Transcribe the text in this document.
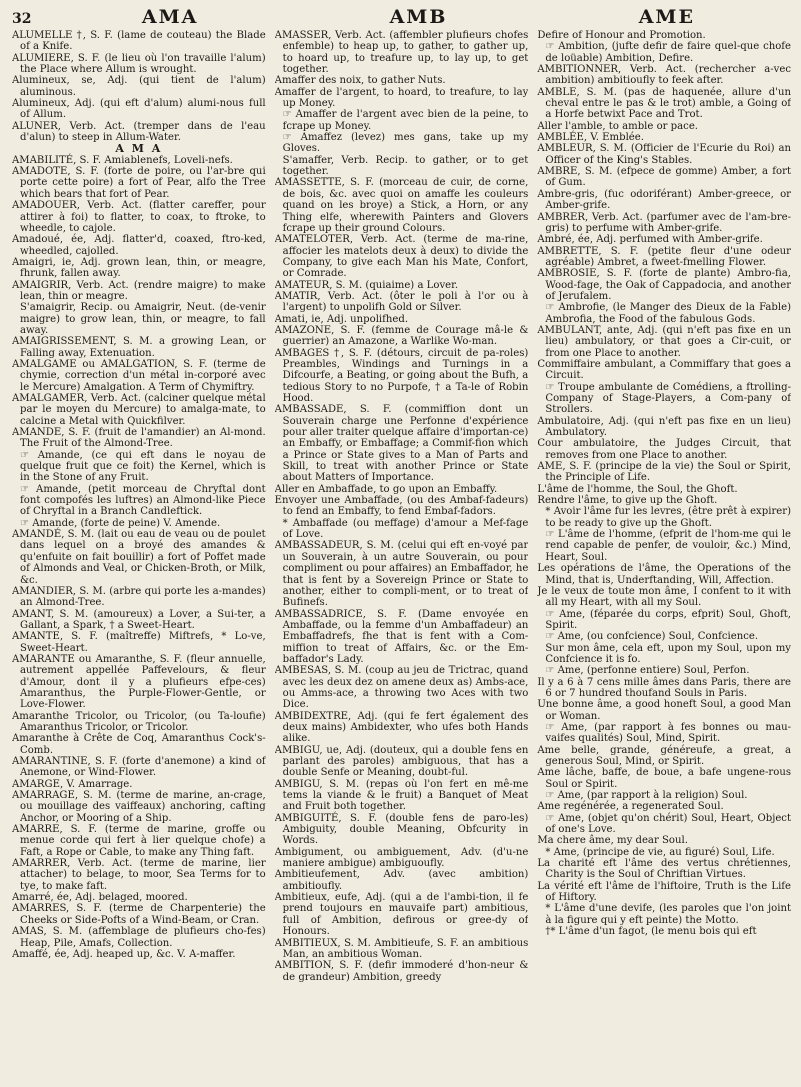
32	AMA	AMB	AME

ALUMELLE †, S. F. (lame de couteau) the Blade of a Knife.

ALUMIERE, S. F. (le lieu où l'on travaille l'alum) the Place where Allum is wrought.

Alumineux, se, Adj. (qui tient de l'alum) aluminous.

Alumineux, Adj. (qui eft d'alum) alumi-nous full of Allum.

ALUNER, Verb. Act. (tremper dans de l'eau d'alun) to steep in Allum-Water.

A M A

AMABILITÉ, S. F. Amiablenefs, Loveli-nefs.

AMADOTE, S. F. (forte de poire, ou l'ar-bre qui porte cette poire) a fort of Pear, alfo the Tree which bears that fort of Pear.

AMADOUER, Verb. Act. (flatter careffer, pour attirer à foi) to flatter, to coax, to ftroke, to wheedle, to cajole.

Amadoué, ée, Adj. flatter'd, coaxed, ftro-ked, wheedled, cajolled.

Amaigri, ie, Adj. grown lean, thin, or meagre, fhrunk, fallen away.

AMAIGRIR, Verb. Act. (rendre maigre) to make lean, thin or meagre.

S'amaigrir, Recip. ou Amaigrir, Neut. (de-venir maigre) to grow lean, thin, or meagre, to fall away.

AMAIGRISSEMENT, S. M. a growing Lean, or Falling away, Extenuation.

AMALGAME ou AMALGATION, S. F. (terme de chymie, correction d'un métal in-corporé avec le Mercure) Amalgation. A Term of Chymiftry.

AMALGAMER, Verb. Act. (calciner quelque métal par le moyen du Mercure) to amalga-mate, to calcine a Metal with Quickfilver.

AMANDE, S. F. (fruit de l'amandier) an Al-mond. The Fruit of the Almond-Tree.

☞ Amande, (ce qui eft dans le noyau de quelque fruit que ce foit) the Kernel, which is in the Stone of any Fruit.

☞ Amande, (petit morceau de Chryftal dont font compofés les luftres) an Almond-like Piece of Chryftal in a Branch Candleftick.

☞ Amande, (forte de peine) V. Amende.

AMANDÉ, S. M. (lait ou eau de veau ou de poulet dans lequel on a broyé des amandes & qu'enfuite on fait bouillir) a fort of Poffet made of Almonds and Veal, or Chicken-Broth, or Milk, &c.

AMANDIER, S. M. (arbre qui porte les a-mandes) an Almond-Tree.

AMANT, S. M. (amoureux) a Lover, a Sui-ter, a Gallant, a Spark, † a Sweet-Heart.

AMANTE, S. F. (maîtreffe) Miftrefs, * Lo-ve, Sweet-Heart.

AMARANTE ou Amaranthe, S. F. (fleur annuelle, autrement appellée Paffevelours, & fleur d'Amour, dont il y a plufieurs efpe-ces) Amaranthus, the Purple-Flower-Gentle, or Love-Flower.

Amaranthe Tricolor, ou Tricolor, (ou Ta-loufie) Amaranthus Tricolor, or Tricolor.

Amaranthe à Crête de Coq, Amaranthus Cock's-Comb.

AMARANTINE, S. F. (forte d'anemone) a kind of Anemone, or Wind-Flower.

AMARGE, V. Amarrage.

AMARRAGE, S. M. (terme de marine, an-crage, ou mouillage des vaiffeaux) anchoring, cafting Anchor, or Mooring of a Ship.

AMARRE, S. F. (terme de marine, groffe ou menue corde qui fert à lier quelque chofe) a Faft, a Rope or Cable, to make any Thing faft.

AMARRER, Verb. Act. (terme de marine, lier attacher) to belage, to moor, Sea Terms for to tye, to make faft.

Amarré, ée, Adj. belaged, moored.

AMARRES, S. F. (terme de Charpenterie) the Cheeks or Side-Pofts of a Wind-Beam, or Cran.

AMAS, S. M. (affemblage de plufieurs cho-fes) Heap, Pile, Amafs, Collection.

Amaffé, ée, Adj. heaped up, &c. V. A-maffer.

AMASSER, Verb. Act. (affembler plufieurs chofes enfemble) to heap up, to gather, to gather up, to hoard up, to treafure up, to lay up, to get together.

Amaffer des noix, to gather Nuts.

Amaffer de l'argent, to hoard, to treafure, to lay up Money.

☞ Amaffer de l'argent avec bien de la peine, to fcrape up Money.

☞ Amaffez (levez) mes gans, take up my Gloves.

S'amaffer, Verb. Recip. to gather, or to get together.

AMASSETTE, S. F. (morceau de cuir, de corne, de bois, &c. avec quoi on amaffe les couleurs quand on les broye) a Stick, a Horn, or any Thing elfe, wherewith Painters and Glovers fcrape up their ground Colours.

AMATELOTER, Verb. Act. (terme de ma-rine, affocier les matelots deux à deux) to divide the Company, to give each Man his Mate, Confort, or Comrade.

AMATEUR, S. M. (quiaime) a Lover.

AMATIR, Verb. Act. (ôter le poli à l'or ou à l'argent) to unpolifh Gold or Silver.

Amati, ie, Adj. unpolifhed.

AMAZONE, S. F. (femme de Courage mâ-le & guerrier) an Amazone, a Warlike Wo-man.

AMBAGES †, S. F. (détours, circuit de pa-roles) Preambles, Windings and Turnings in a Difcourfe, a Beating, or going about the Bufh, a tedious Story to no Purpofe, † a Ta-le of Robin Hood.

AMBASSADE, S. F. (commiffion dont un Souverain charge une Perfonne d'expérience pour aller traiter quelque affaire d'importan-ce) an Embaffy, or Embaffage; a Commif-fion which a Prince or State gives to a Man of Parts and Skill, to treat with another Prince or State about Matters of Importance.

Aller en Ambaffade, to go upon an Embaffy.

Envoyer une Ambaffade, (ou des Ambaf-fadeurs) to fend an Embaffy, to fend Embaf-fadors.

* Ambaffade (ou meffage) d'amour a Mef-fage of Love.

AMBASSADEUR, S. M. (celui qui eft en-voyé par un Souverain, à un autre Souverain, ou pour compliment ou pour affaires) an Embaffador, he that is fent by a Sovereign Prince or State to another, either to compli-ment, or to treat of Bufinefs.

AMBASSADRICE, S. F. (Dame envoyée en Ambaffade, ou la femme d'un Ambaffadeur) an Embaffadrefs, fhe that is fent with a Com-miffion to treat of Affairs, &c. or the Em-baffador's Lady.

AMBESAS, S. M. (coup au jeu de Trictrac, quand avec les deux dez on amene deux as) Ambs-ace, ou Amms-ace, a throwing two Aces with two Dice.

AMBIDEXTRE, Adj. (qui fe fert également des deux mains) Ambidexter, who ufes both Hands alike.

AMBIGU, ue, Adj. (douteux, qui a double fens en parlant des paroles) ambiguous, that has a double Senfe or Meaning, doubt-ful.

AMBIGU, S. M. (repas où l'on fert en mê-me tems la viande & le fruit) a Banquet of Meat and Fruit both together.

AMBIGUITÉ, S. F. (double fens de paro-les) Ambiguity, double Meaning, Obfcurity in Words.

Ambigument, ou ambiguement, Adv. (d'u-ne maniere ambigue) ambiguoufly.

Ambitieufement, Adv. (avec ambition) ambitioufly.

Ambitieux, eufe, Adj. (qui a de l'ambi-tion, il fe prend toujours en mauvaife part) ambitious, full of Ambition, defirous or gree-dy of Honours.

AMBITIEUX, S. M. Ambitieufe, S. F. an ambitious Man, an ambitious Woman.

AMBITION, S. F. (defir immoderé d'hon-neur & de grandeur) Ambition, greedy

Defire of Honour and Promotion.

☞ Ambition, (jufte defir de faire quel-que chofe de loüable) Ambition, Defire.

AMBITIONNER, Verb. Act. (rechercher a-vec ambition) ambitioufly to feek after.

AMBLE, S. M. (pas de haquenée, allure d'un cheval entre le pas & le trot) amble, a Going of a Horfe betwixt Pace and Trot.

Aller l'amble, to amble or pace.

AMBLÉE, V. Emblée.

AMBLEUR, S. M. (Officier de l'Ecurie du Roi) an Officer of the King's Stables.

AMBRE, S. M. (efpece de gomme) Amber, a fort of Gum.

Ambre-gris, (fuc odoriférant) Amber-greece, or Amber-grife.

AMBRER, Verb. Act. (parfumer avec de l'am-bre-gris) to perfume with Amber-grife.

Ambré, ée, Adj. perfumed with Amber-grife.

AMBRETTE, S. F. (petite fleur d'une odeur agréable) Ambret, a fweet-fmelling Flower.

AMBROSIE, S. F. (forte de plante) Ambro-fia, Wood-fage, the Oak of Cappadocia, and another of Jerufalem.

☞ Ambrofie, (le Manger des Dieux de la Fable) Ambrofia, the Food of the fabulous Gods.

AMBULANT, ante, Adj. (qui n'eft pas fixe en un lieu) ambulatory, or that goes a Cir-cuit, or from one Place to another.

Commiffaire ambulant, a Commiffary that goes a Circuit.

☞ Troupe ambulante de Comédiens, a ftrolling-Company of Stage-Players, a Com-pany of Strollers.

Ambulatoire, Adj. (qui n'eft pas fixe en un lieu) Ambulatory.

Cour ambulatoire, the Judges Circuit, that removes from one Place to another.

AME, S. F. (principe de la vie) the Soul or Spirit, the Principle of Life.

L'âme de l'homme, the Soul, the Ghoft.

Rendre l'âme, to give up the Ghoft.

* Avoir l'âme fur les levres, (être prêt à expirer) to be ready to give up the Ghoft.

☞ L'âme de l'homme, (efprit de l'hom-me qui le rend capable de penfer, de vouloir, &c.) Mind, Heart, Soul.

Les opérations de l'âme, the Operations of the Mind, that is, Underftanding, Will, Affection.

Je le veux de toute mon âme, I confent to it with all my Heart, with all my Soul.

☞ Ame, (féparée du corps, efprit) Soul, Ghoft, Spirit.

☞ Ame, (ou confcience) Soul, Confcience.

Sur mon âme, cela eft, upon my Soul, upon my Confcience it is fo.

☞ Ame, (perfonne entiere) Soul, Perfon.

Il y a 6 à 7 cens mille âmes dans Paris, there are 6 or 7 hundred thoufand Souls in Paris.

Une bonne âme, a good honeft Soul, a good Man or Woman.

☞ Ame, (par rapport à fes bonnes ou mau-vaifes qualités) Soul, Mind, Spirit.

Ame belle, grande, généreufe, a great, a generous Soul, Mind, or Spirit.

Ame lâche, baffe, de boue, a bafe ungene-rous Soul or Spirit.

☞ Ame, (par rapport à la religion) Soul.

Ame regénérée, a regenerated Soul.

☞ Ame, (objet qu'on chérit) Soul, Heart, Object of one's Love.

Ma chere âme, my dear Soul.

* Ame, (principe de vie, au figuré) Soul, Life.

La charité eft l'âme des vertus chrétiennes, Charity is the Soul of Chriftian Virtues.

La vérité eft l'âme de l'hiftoire, Truth is the Life of Hiftory.

* L'âme d'une devife, (les paroles que l'on joint à la figure qui y eft peinte) the Motto.

†* L'âme d'un fagot, (le menu bois qui eft
